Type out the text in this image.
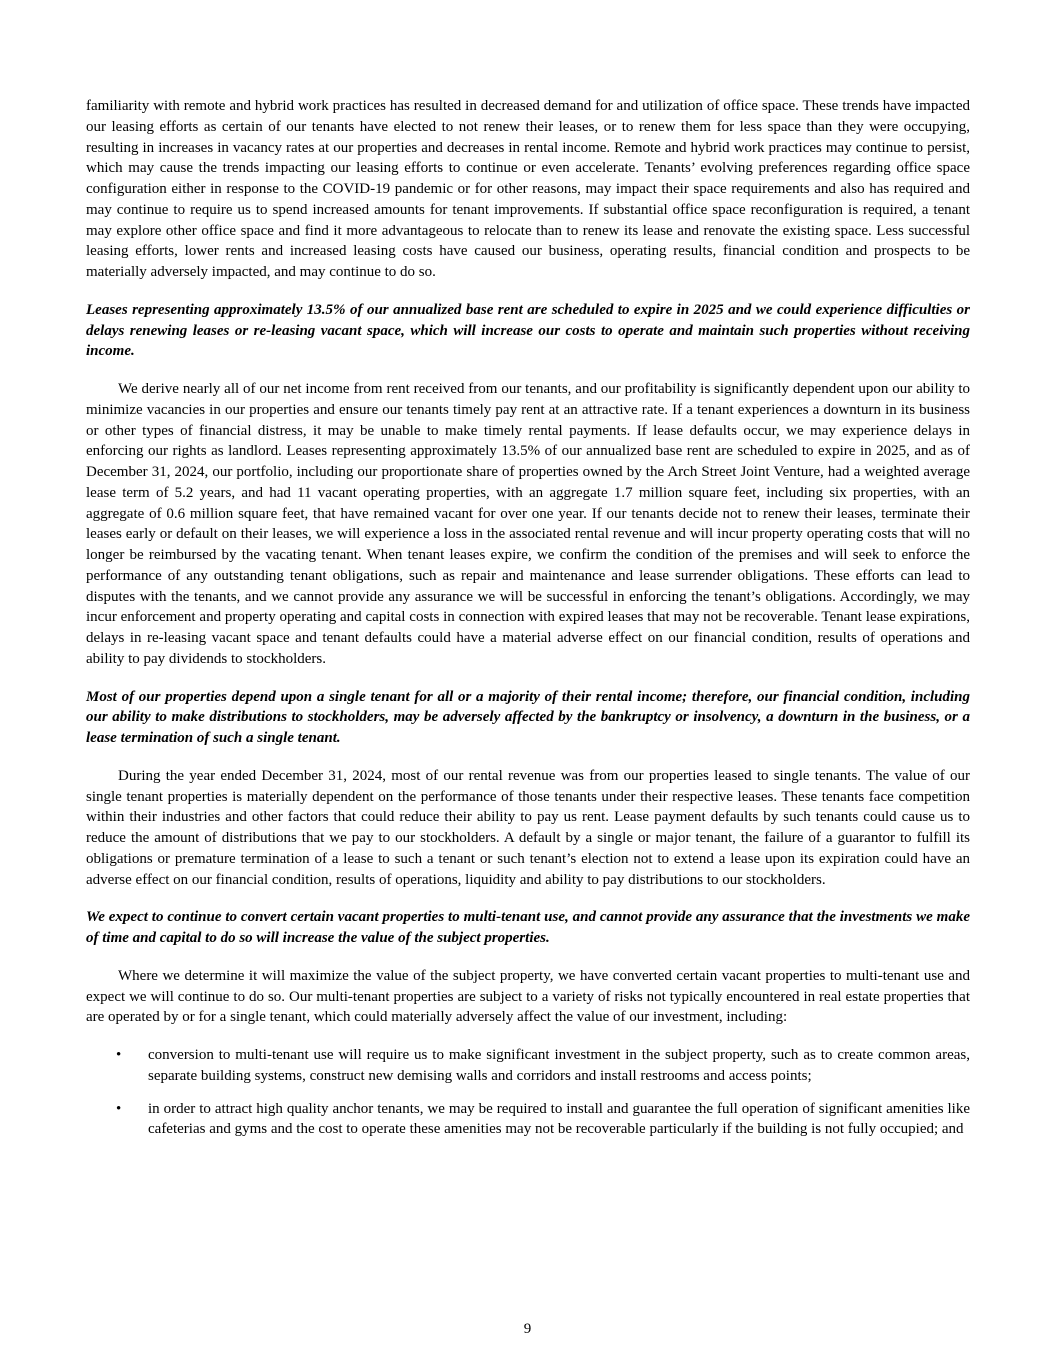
familiarity with remote and hybrid work practices has resulted in decreased demand for and utilization of office space. These trends have impacted our leasing efforts as certain of our tenants have elected to not renew their leases, or to renew them for less space than they were occupying, resulting in increases in vacancy rates at our properties and decreases in rental income. Remote and hybrid work practices may continue to persist, which may cause the trends impacting our leasing efforts to continue or even accelerate. Tenants’ evolving preferences regarding office space configuration either in response to the COVID-19 pandemic or for other reasons, may impact their space requirements and also has required and may continue to require us to spend increased amounts for tenant improvements. If substantial office space reconfiguration is required, a tenant may explore other office space and find it more advantageous to relocate than to renew its lease and renovate the existing space. Less successful leasing efforts, lower rents and increased leasing costs have caused our business, operating results, financial condition and prospects to be materially adversely impacted, and may continue to do so.

Leases representing approximately 13.5% of our annualized base rent are scheduled to expire in 2025 and we could experience difficulties or delays renewing leases or re-leasing vacant space, which will increase our costs to operate and maintain such properties without receiving income.

We derive nearly all of our net income from rent received from our tenants, and our profitability is significantly dependent upon our ability to minimize vacancies in our properties and ensure our tenants timely pay rent at an attractive rate. If a tenant experiences a downturn in its business or other types of financial distress, it may be unable to make timely rental payments. If lease defaults occur, we may experience delays in enforcing our rights as landlord. Leases representing approximately 13.5% of our annualized base rent are scheduled to expire in 2025, and as of December 31, 2024, our portfolio, including our proportionate share of properties owned by the Arch Street Joint Venture, had a weighted average lease term of 5.2 years, and had 11 vacant operating properties, with an aggregate 1.7 million square feet, including six properties, with an aggregate of 0.6 million square feet, that have remained vacant for over one year. If our tenants decide not to renew their leases, terminate their leases early or default on their leases, we will experience a loss in the associated rental revenue and will incur property operating costs that will no longer be reimbursed by the vacating tenant. When tenant leases expire, we confirm the condition of the premises and will seek to enforce the performance of any outstanding tenant obligations, such as repair and maintenance and lease surrender obligations. These efforts can lead to disputes with the tenants, and we cannot provide any assurance we will be successful in enforcing the tenant’s obligations. Accordingly, we may incur enforcement and property operating and capital costs in connection with expired leases that may not be recoverable. Tenant lease expirations, delays in re-leasing vacant space and tenant defaults could have a material adverse effect on our financial condition, results of operations and ability to pay dividends to stockholders.

Most of our properties depend upon a single tenant for all or a majority of their rental income; therefore, our financial condition, including our ability to make distributions to stockholders, may be adversely affected by the bankruptcy or insolvency, a downturn in the business, or a lease termination of such a single tenant.

During the year ended December 31, 2024, most of our rental revenue was from our properties leased to single tenants. The value of our single tenant properties is materially dependent on the performance of those tenants under their respective leases. These tenants face competition within their industries and other factors that could reduce their ability to pay us rent. Lease payment defaults by such tenants could cause us to reduce the amount of distributions that we pay to our stockholders. A default by a single or major tenant, the failure of a guarantor to fulfill its obligations or premature termination of a lease to such a tenant or such tenant’s election not to extend a lease upon its expiration could have an adverse effect on our financial condition, results of operations, liquidity and ability to pay distributions to our stockholders.

We expect to continue to convert certain vacant properties to multi-tenant use, and cannot provide any assurance that the investments we make of time and capital to do so will increase the value of the subject properties.

Where we determine it will maximize the value of the subject property, we have converted certain vacant properties to multi-tenant use and expect we will continue to do so. Our multi-tenant properties are subject to a variety of risks not typically encountered in real estate properties that are operated by or for a single tenant, which could materially adversely affect the value of our investment, including:

•	conversion to multi-tenant use will require us to make significant investment in the subject property, such as to create common areas, separate building systems, construct new demising walls and corridors and install restrooms and access points;
•	in order to attract high quality anchor tenants, we may be required to install and guarantee the full operation of significant amenities like cafeterias and gyms and the cost to operate these amenities may not be recoverable particularly if the building is not fully occupied; and
9
